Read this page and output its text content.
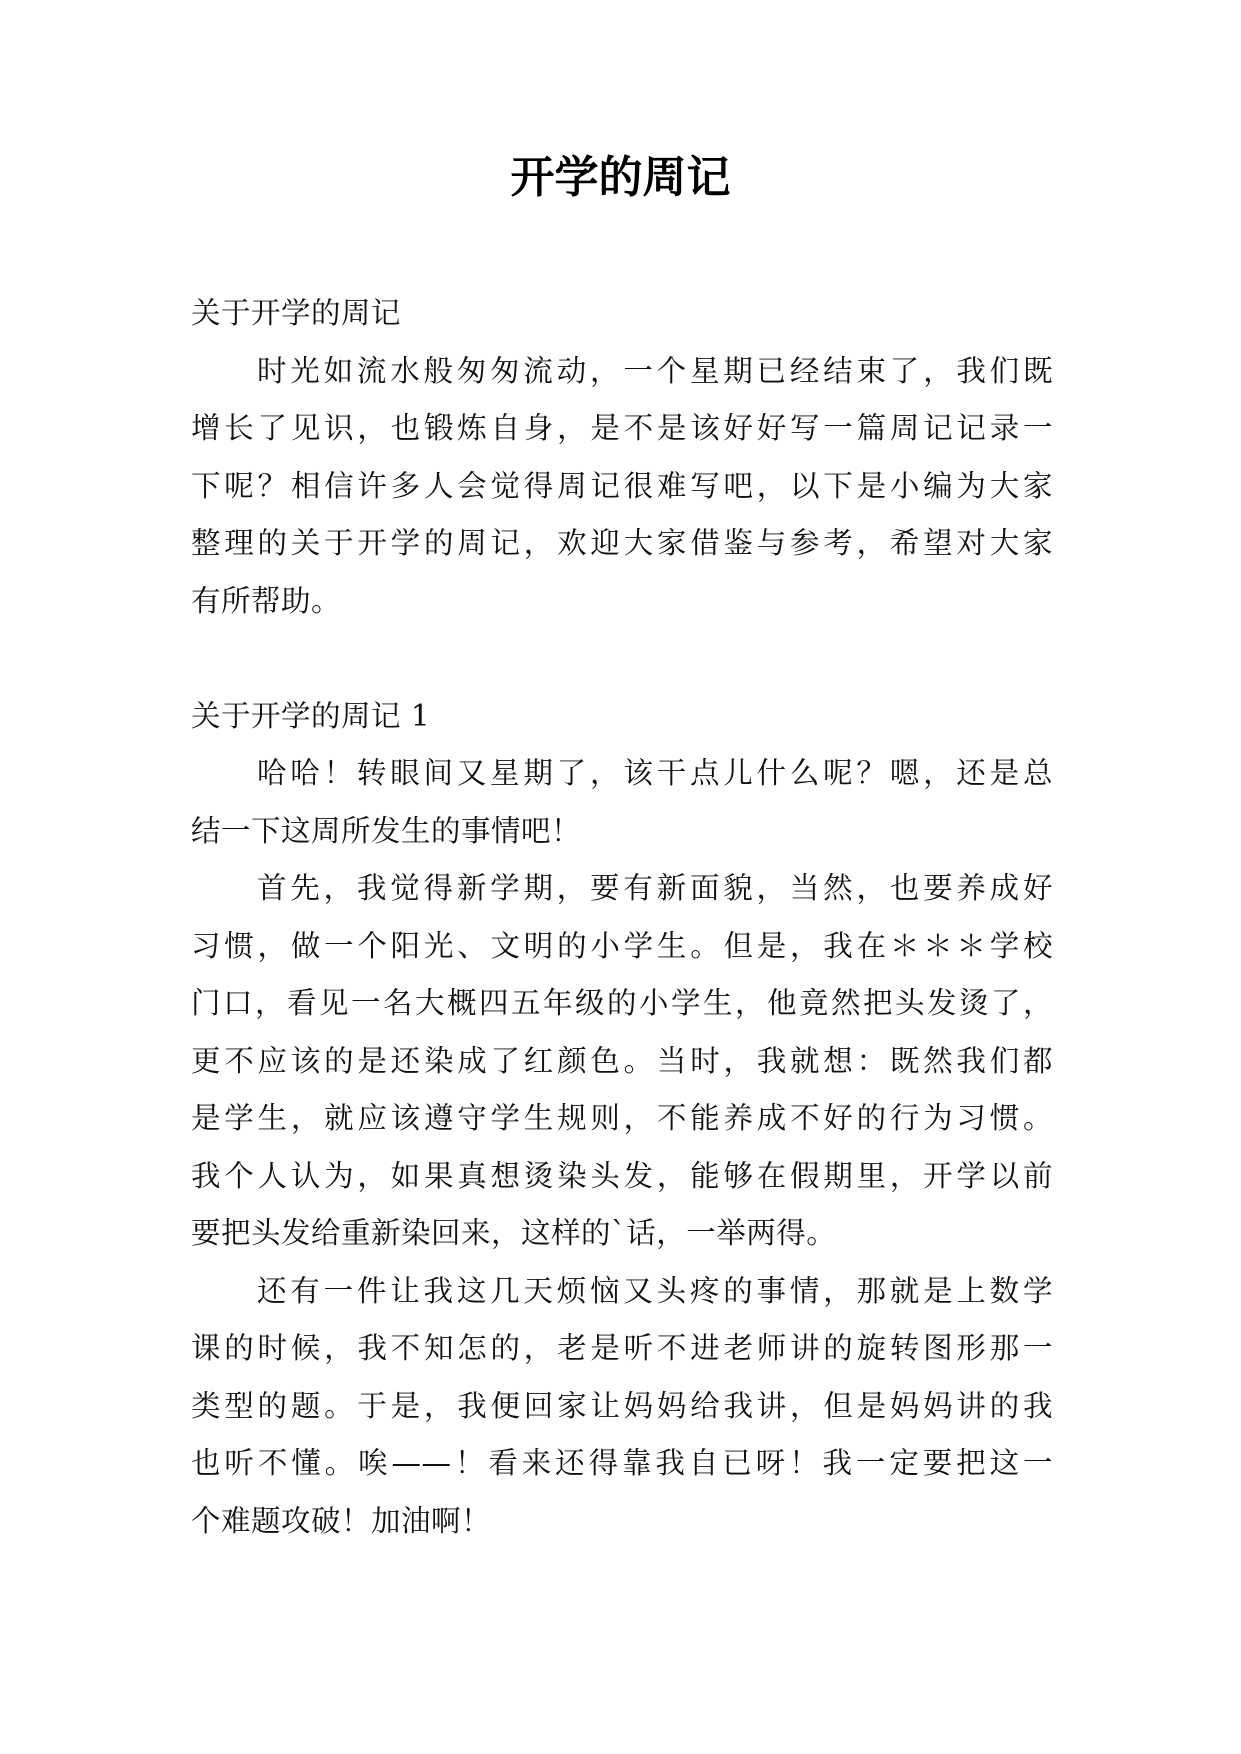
开学的周记
关于开学的周记
时光如流水般匆匆流动，一个星期已经结束了，我们既
增长了见识，也锻炼自身，是不是该好好写一篇周记记录一
下呢？相信许多人会觉得周记很难写吧，以下是小编为大家
整理的关于开学的周记，欢迎大家借鉴与参考，希望对大家
有所帮助。
关于开学的周记 1
哈哈！转眼间又星期了，该干点儿什么呢？嗯，还是总
结一下这周所发生的事情吧！
首先，我觉得新学期，要有新面貌，当然，也要养成好
习惯，做一个阳光、文明的小学生。但是，我在＊＊＊学校
门口，看见一名大概四五年级的小学生，他竟然把头发烫了，
更不应该的是还染成了红颜色。当时，我就想：既然我们都
是学生，就应该遵守学生规则，不能养成不好的行为习惯。
我个人认为，如果真想烫染头发，能够在假期里，开学以前
要把头发给重新染回来，这样的`话，一举两得。
还有一件让我这几天烦恼又头疼的事情，那就是上数学
课的时候，我不知怎的，老是听不进老师讲的旋转图形那一
类型的题。于是，我便回家让妈妈给我讲，但是妈妈讲的我
也听不懂。唉——！看来还得靠我自已呀！我一定要把这一
个难题攻破！加油啊！
